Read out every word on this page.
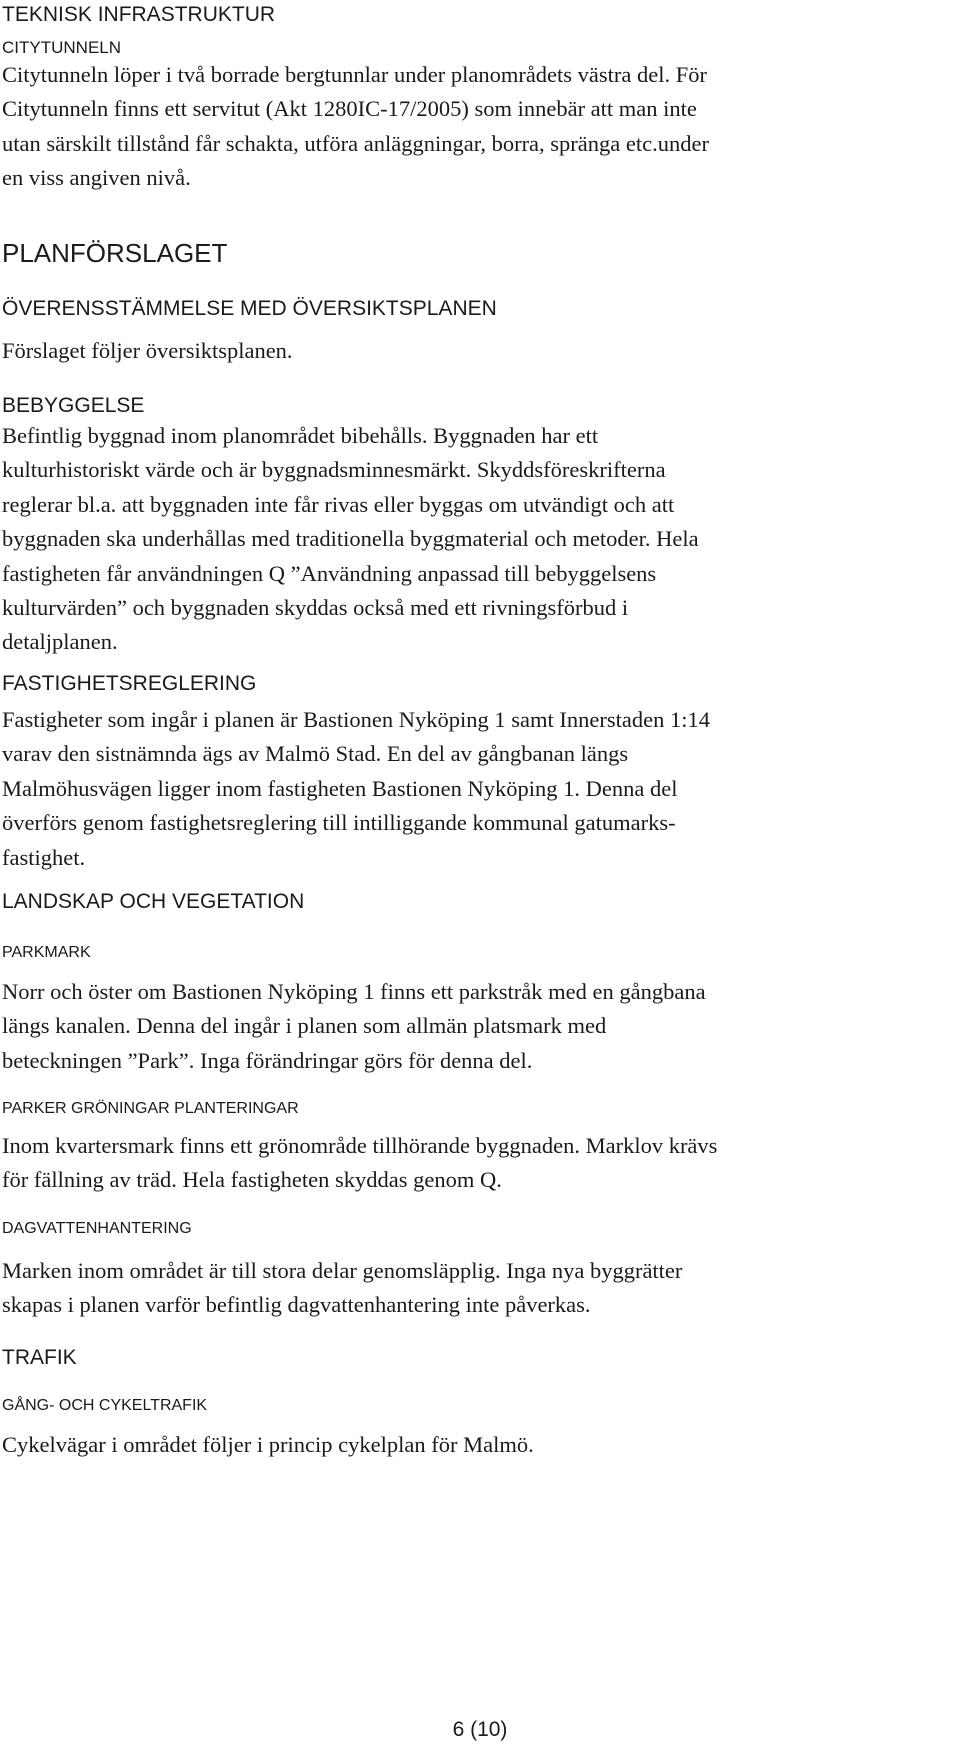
TEKNISK INFRASTRUKTUR
CITYTUNNELN
Citytunneln löper i två borrade bergtunnlar under planområdets västra del. För
Citytunneln finns ett servitut (Akt 1280IC-17/2005) som innebär att man inte
utan särskilt tillstånd får schakta, utföra anläggningar, borra, spränga etc.under
en viss angiven nivå.
PLANFÖRSLAGET
ÖVERENSSTÄMMELSE MED ÖVERSIKTSPLANEN
Förslaget följer översiktsplanen.
BEBYGGELSE
Befintlig byggnad inom planområdet bibehålls. Byggnaden har ett
kulturhistoriskt värde och är byggnadsminnesmärkt. Skyddsföreskrifterna
reglerar bl.a. att byggnaden inte får rivas eller byggas om utvändigt och att
byggnaden ska underhållas med traditionella byggmaterial och metoder. Hela
fastigheten får användningen Q ”Användning anpassad till bebyggelsens
kulturvärden” och byggnaden skyddas också med ett rivningsförbud i
detaljplanen.
FASTIGHETSREGLERING
Fastigheter som ingår i planen är Bastionen Nyköping 1 samt Innerstaden 1:14
varav den sistnämnda ägs av Malmö Stad. En del av gångbanan längs
Malmöhusvägen ligger inom fastigheten Bastionen Nyköping 1. Denna del
överförs genom fastighetsreglering till intilliggande kommunal gatumarks-
fastighet.
LANDSKAP OCH VEGETATION
PARKMARK
Norr och öster om Bastionen Nyköping 1 finns ett parkstråk med en gångbana
längs kanalen. Denna del ingår i planen som allmän platsmark med
beteckningen ”Park”. Inga förändringar görs för denna del.
PARKER GRÖNINGAR PLANTERINGAR
Inom kvartersmark finns ett grönområde tillhörande byggnaden. Marklov krävs
för fällning av träd. Hela fastigheten skyddas genom Q.
DAGVATTENHANTERING
Marken inom området är till stora delar genomsläpplig. Inga nya byggrätter
skapas i planen varför befintlig dagvattenhantering inte påverkas.
TRAFIK
GÅNG- OCH CYKELTRAFIK
Cykelvägar i området följer i princip cykelplan för Malmö.
6 (10)
